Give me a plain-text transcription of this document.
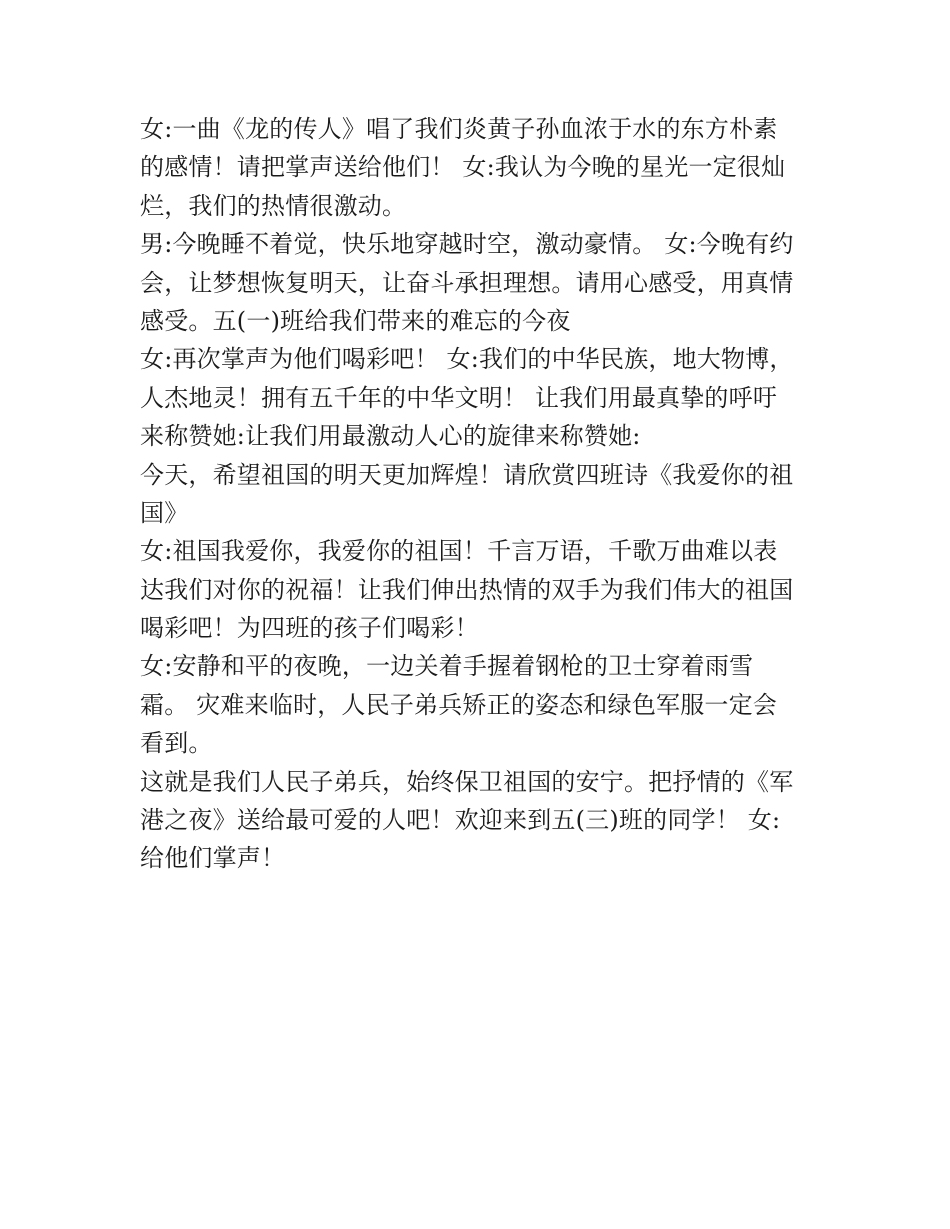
女:一曲《龙的传人》唱了我们炎黄子孙血浓于水的东方朴素
的感情！请把掌声送给他们！ 女:我认为今晚的星光一定很灿
烂，我们的热情很激动。
男:今晚睡不着觉，快乐地穿越时空，激动豪情。 女:今晚有约
会，让梦想恢复明天，让奋斗承担理想。请用心感受，用真情
感受。五(一)班给我们带来的难忘的今夜
女:再次掌声为他们喝彩吧！ 女:我们的中华民族，地大物博，
人杰地灵！拥有五千年的中华文明！ 让我们用最真挚的呼吁
来称赞她:让我们用最激动人心的旋律来称赞她:
今天，希望祖国的明天更加辉煌！请欣赏四班诗《我爱你的祖
国》
女:祖国我爱你，我爱你的祖国！千言万语，千歌万曲难以表
达我们对你的祝福！让我们伸出热情的双手为我们伟大的祖国
喝彩吧！为四班的孩子们喝彩！
女:安静和平的夜晚，一边关着手握着钢枪的卫士穿着雨雪
霜。 灾难来临时，人民子弟兵矫正的姿态和绿色军服一定会
看到。
这就是我们人民子弟兵，始终保卫祖国的安宁。把抒情的《军
港之夜》送给最可爱的人吧！欢迎来到五(三)班的同学！ 女:
给他们掌声！
